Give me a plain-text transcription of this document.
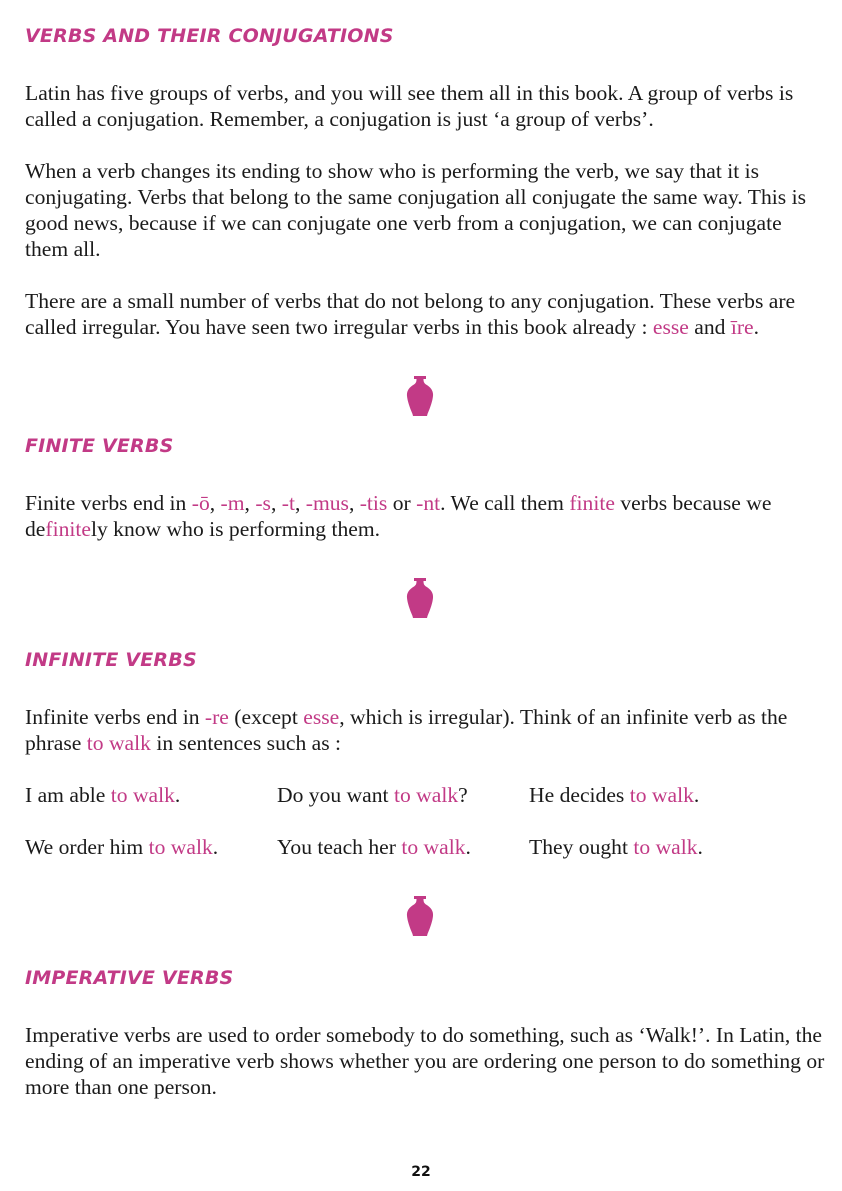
VERBS AND THEIR CONJUGATIONS

Latin has five groups of verbs, and you will see them all in this book. A group of verbs is called a conjugation. Remember, a conjugation is just ‘a group of verbs’.

When a verb changes its ending to show who is performing the verb, we say that it is conjugating. Verbs that belong to the same conjugation all conjugate the same way. This is good news, because if we can conjugate one verb from a conjugation, we can conjugate them all.

There are a small number of verbs that do not belong to any conjugation. These verbs are called irregular. You have seen two irregular verbs in this book already : esse and īre.

FINITE VERBS

Finite verbs end in -ō, -m, -s, -t, -mus, -tis or -nt. We call them finite verbs because we definitely know who is performing them.

INFINITE VERBS

Infinite verbs end in -re (except esse, which is irregular). Think of an infinite verb as the phrase to walk in sentences such as :

I am able to walk.	Do you want to walk?	He decides to walk.
We order him to walk.	You teach her to walk.	They ought to walk.
IMPERATIVE VERBS

Imperative verbs are used to order somebody to do something, such as ‘Walk!’. In Latin, the ending of an imperative verb shows whether you are ordering one person to do something or more than one person.

22
